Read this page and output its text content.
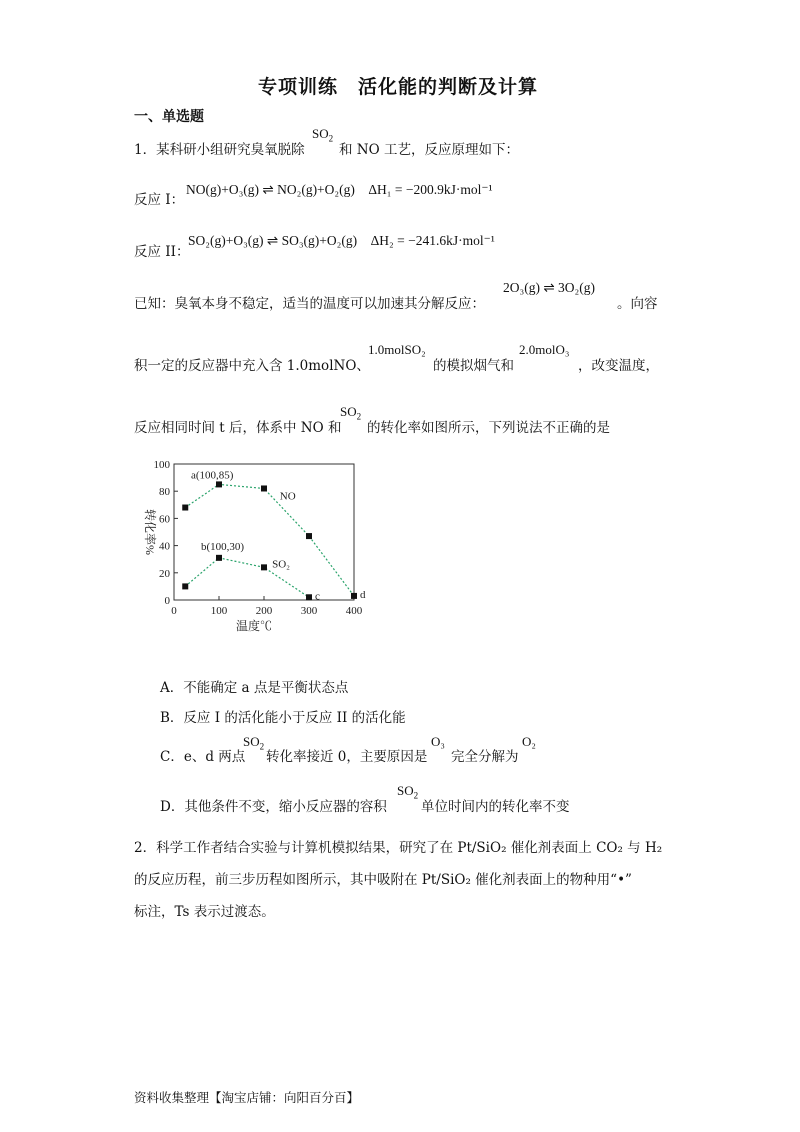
专项训练　活化能的判断及计算
一、单选题
1．某科研小组研究臭氧脱除
$SO_2$
和 NO 工艺，反应原理如下：
NO(g)+O₃(g) ⇌ NO₂(g)+O₂(g)　ΔH₁ = −200.9kJ·mol⁻¹
反应 I：
SO₂(g)+O₃(g) ⇌ SO₃(g)+O₂(g)　ΔH₂ = −241.6kJ·mol⁻¹
反应 II：
已知：臭氧本身不稳定，适当的温度可以加速其分解反应：
2O₃(g) ⇌ 3O₂(g)
。向容
积一定的反应器中充入含 1.0molNO、
1.0molSO₂
的模拟烟气和
2.0molO₃
，改变温度，
反应相同时间 t 后，体系中 NO 和
$SO_2$
的转化率如图所示，下列说法不正确的是
0	100	200	300	400
0
20
40
60
80
100
温度℃
转化率%
NO
SO₂
a(100,85)
b(100,30)
c	d
A．不能确定 a 点是平衡状态点
B．反应 I 的活化能小于反应 II 的活化能
C．e、d 两点
$SO_2$
转化率接近 0，主要原因是
O₃
完全分解为
O₂
D．其他条件不变，缩小反应器的容积
$SO_2$
单位时间内的转化率不变
2．科学工作者结合实验与计算机模拟结果，研究了在 Pt/SiO₂ 催化剂表面上 CO₂ 与 H₂
的反应历程，前三步历程如图所示，其中吸附在 Pt/SiO₂ 催化剂表面上的物种用“•”
标注，Ts 表示过渡态。
资料收集整理【淘宝店铺：向阳百分百】
